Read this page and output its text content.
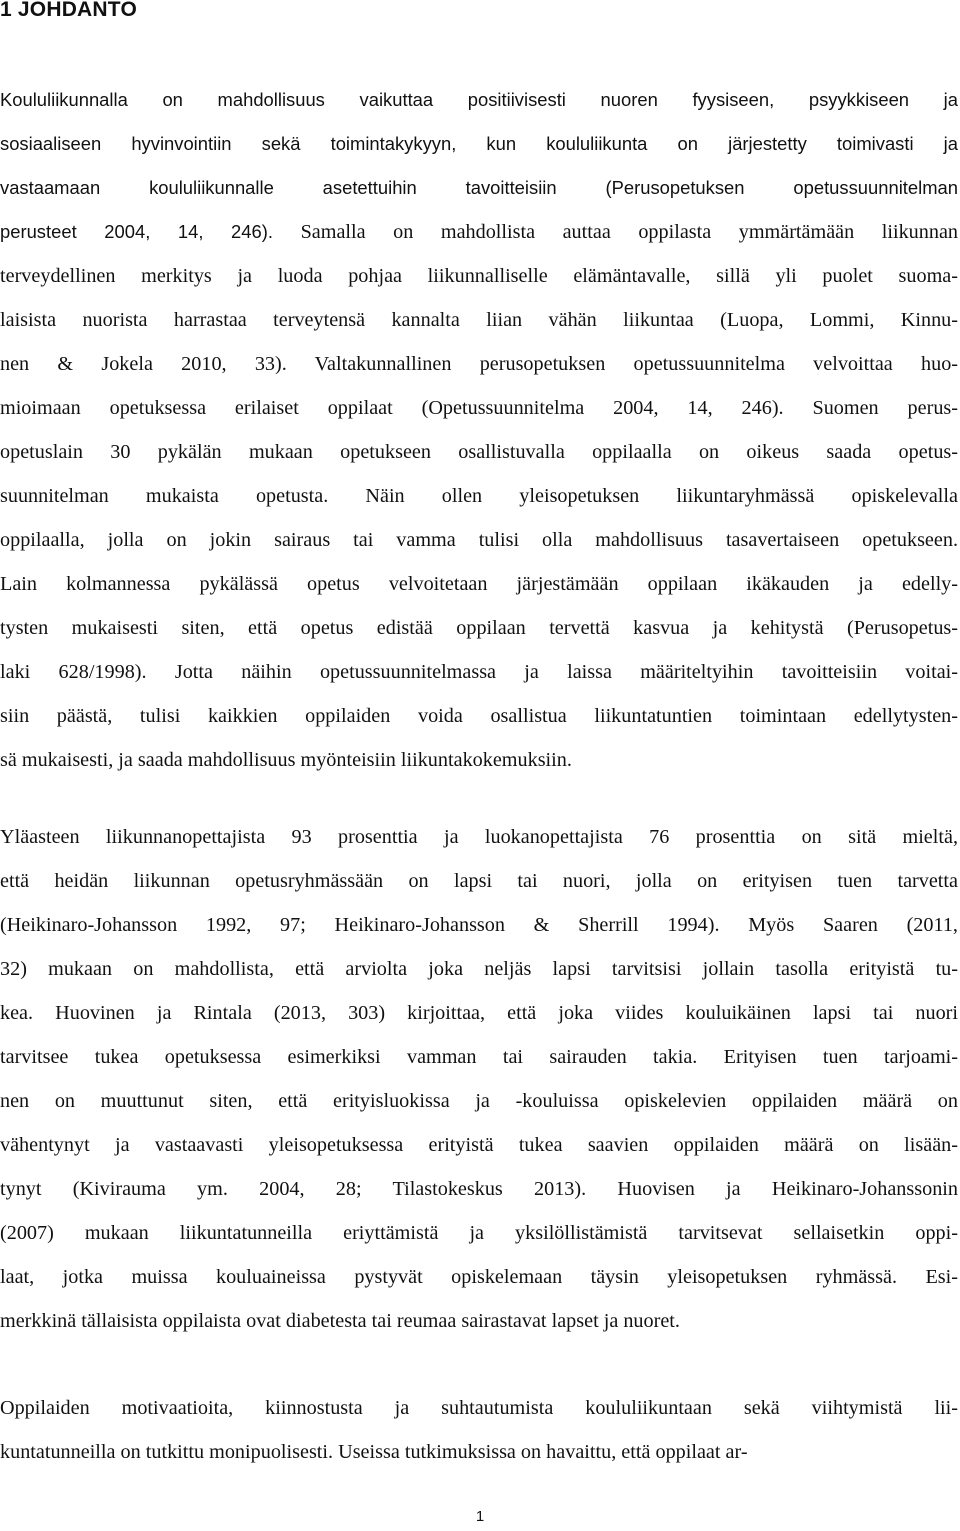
1 JOHDANTO
Koululiikunnalla on mahdollisuus vaikuttaa positiivisesti nuoren fyysiseen, psyykkiseen ja
sosiaaliseen hyvinvointiin sekä toimintakykyyn, kun koululiikunta on järjestetty toimivasti ja
vastaamaan koululiikunnalle asetettuihin tavoitteisiin (Perusopetuksen opetussuunnitelman
perusteet 2004, 14, 246). Samalla on mahdollista auttaa oppilasta ymmärtämään liikunnan
terveydellinen merkitys ja luoda pohjaa liikunnalliselle elämäntavalle, sillä yli puolet suoma-
laisista nuorista harrastaa terveytensä kannalta liian vähän liikuntaa (Luopa, Lommi, Kinnu-
nen & Jokela 2010, 33). Valtakunnallinen perusopetuksen opetussuunnitelma velvoittaa huo-
mioimaan opetuksessa erilaiset oppilaat (Opetussuunnitelma 2004, 14, 246). Suomen perus-
opetuslain 30 pykälän mukaan opetukseen osallistuvalla oppilaalla on oikeus saada opetus-
suunnitelman mukaista opetusta. Näin ollen yleisopetuksen liikuntaryhmässä opiskelevalla
oppilaalla, jolla on jokin sairaus tai vamma tulisi olla mahdollisuus tasavertaiseen opetukseen.
Lain kolmannessa pykälässä opetus velvoitetaan järjestämään oppilaan ikäkauden ja edelly-
tysten mukaisesti siten, että opetus edistää oppilaan tervettä kasvua ja kehitystä (Perusopetus-
laki 628/1998). Jotta näihin opetussuunnitelmassa ja laissa määriteltyihin tavoitteisiin voitai-
siin päästä, tulisi kaikkien oppilaiden voida osallistua liikuntatuntien toimintaan edellytysten-
sä mukaisesti, ja saada mahdollisuus myönteisiin liikuntakokemuksiin.
Yläasteen liikunnanopettajista 93 prosenttia ja luokanopettajista 76 prosenttia on sitä mieltä,
että heidän liikunnan opetusryhmässään on lapsi tai nuori, jolla on erityisen tuen tarvetta
(Heikinaro-Johansson 1992, 97; Heikinaro-Johansson & Sherrill 1994). Myös Saaren (2011,
32) mukaan on mahdollista, että arviolta joka neljäs lapsi tarvitsisi jollain tasolla erityistä tu-
kea. Huovinen ja Rintala (2013, 303) kirjoittaa, että joka viides kouluikäinen lapsi tai nuori
tarvitsee tukea opetuksessa esimerkiksi vamman tai sairauden takia. Erityisen tuen tarjoami-
nen on muuttunut siten, että erityisluokissa ja -kouluissa opiskelevien oppilaiden määrä on
vähentynyt ja vastaavasti yleisopetuksessa erityistä tukea saavien oppilaiden määrä on lisään-
tynyt (Kivirauma ym. 2004, 28; Tilastokeskus 2013). Huovisen ja Heikinaro-Johanssonin
(2007) mukaan liikuntatunneilla eriyttämistä ja yksilöllistämistä tarvitsevat sellaisetkin oppi-
laat, jotka muissa kouluaineissa pystyvät opiskelemaan täysin yleisopetuksen ryhmässä. Esi-
merkkinä tällaisista oppilaista ovat diabetesta tai reumaa sairastavat lapset ja nuoret.
Oppilaiden motivaatioita, kiinnostusta ja suhtautumista koululiikuntaan sekä viihtymistä lii-
kuntatunneilla on tutkittu monipuolisesti. Useissa tutkimuksissa on havaittu, että oppilaat ar-
1
